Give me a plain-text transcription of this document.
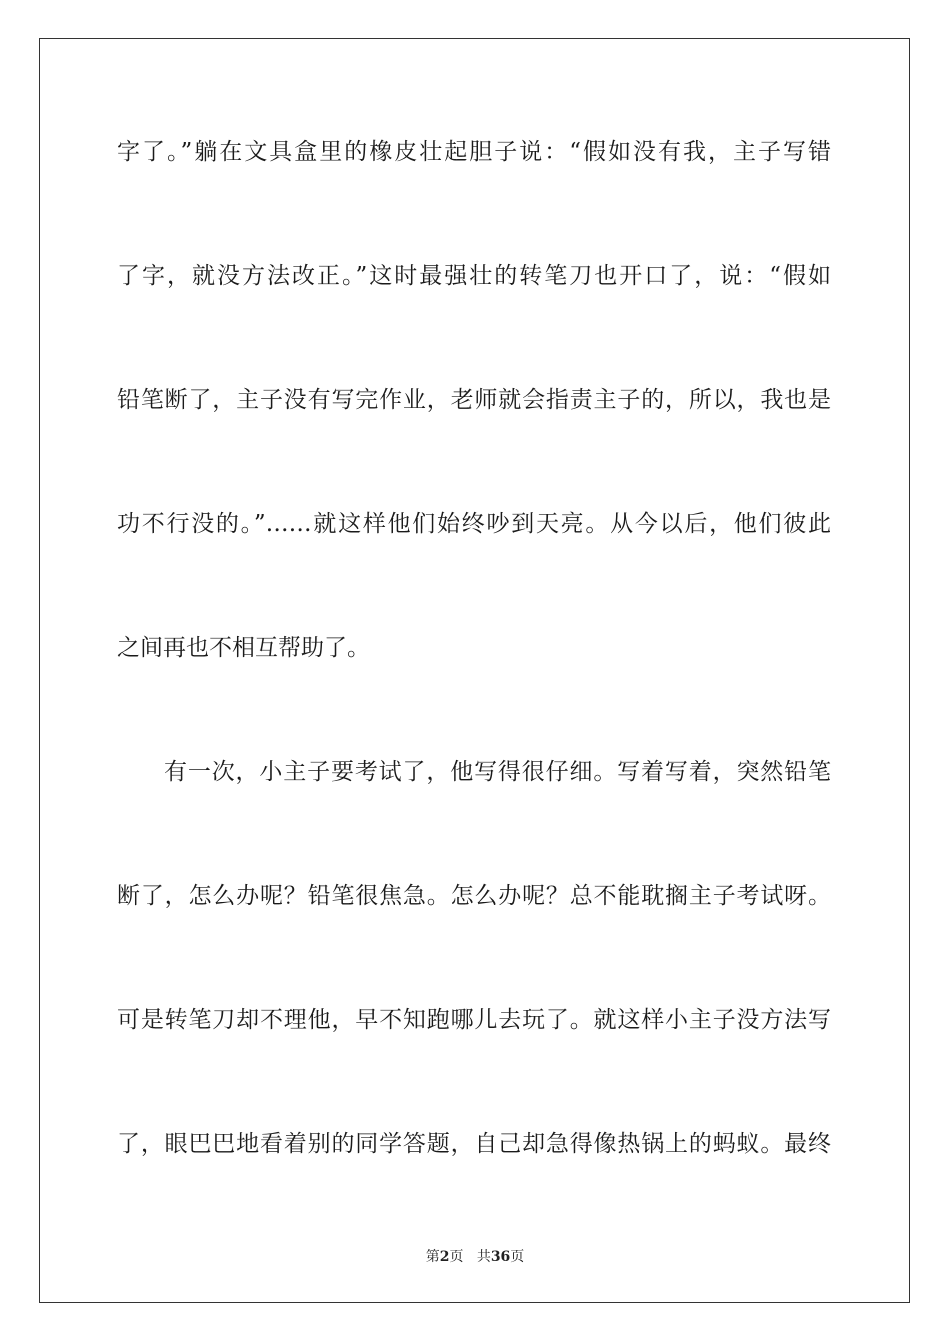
字了。”躺在文具盒里的橡皮壮起胆子说：“假如没有我，主子写错
了字，就没方法改正。”这时最强壮的转笔刀也开口了，说：“假如
铅笔断了，主子没有写完作业，老师就会指责主子的，所以，我也是
功不行没的。”……就这样他们始终吵到天亮。从今以后，他们彼此
之间再也不相互帮助了。
有一次，小主子要考试了，他写得很仔细。写着写着，突然铅笔
断了，怎么办呢？铅笔很焦急。怎么办呢？总不能耽搁主子考试呀。
可是转笔刀却不理他，早不知跑哪儿去玩了。就这样小主子没方法写
了，眼巴巴地看着别的同学答题，自己却急得像热锅上的蚂蚁。最终
第2页 共36页
